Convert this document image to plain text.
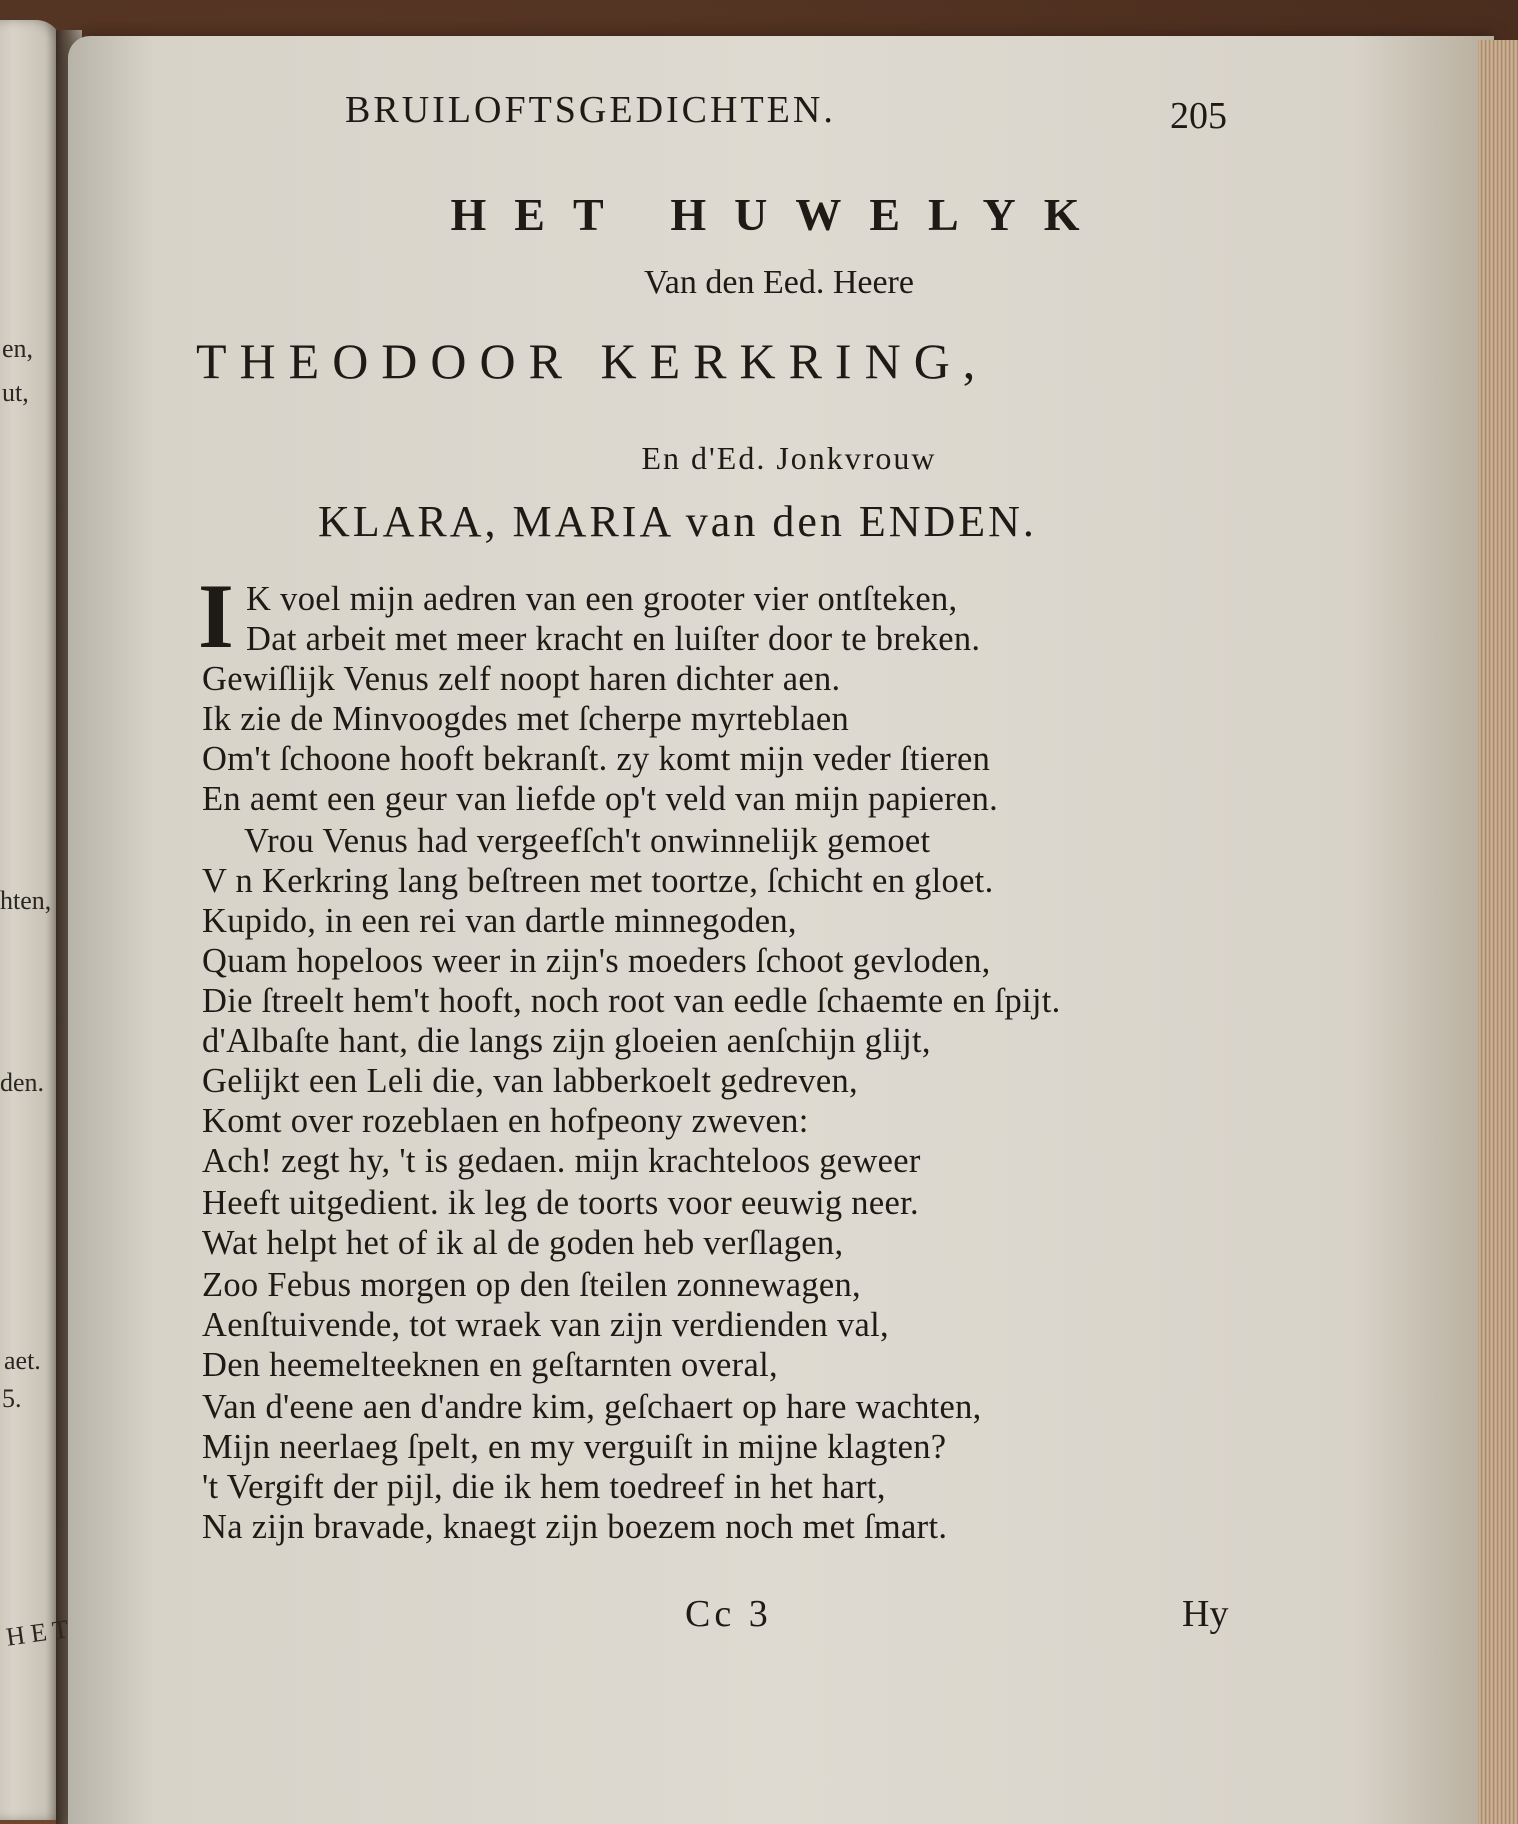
en,
ut,
hten,
den.
aet.
5.
HET
BRUILOFTSGEDICHTEN.	205
HET HUWELYK
Van den Eed. Heere
THEODOOR KERKRING,
En d'Ed. Jonkvrouw
KLARA, MARIA van den ENDEN.
I K voel mijn aedren van een grooter vier ontſteken,
Dat arbeit met meer kracht en luiſter door te breken.
Gewiſlijk Venus zelf noopt haren dichter aen.
Ik zie de Minvoogdes met ſcherpe myrteblaen
Om't ſchoone hooft bekranſt. zy komt mijn veder ſtieren
En aemt een geur van liefde op't veld van mijn papieren.
Vrou Venus had vergeefſch't onwinnelijk gemoet
V n Kerkring lang beſtreen met toortze, ſchicht en gloet.
Kupido, in een rei van dartle minnegoden,
Quam hopeloos weer in zijn's moeders ſchoot gevloden,
Die ſtreelt hem't hooft, noch root van eedle ſchaemte en ſpijt.
d'Albaſte hant, die langs zijn gloeien aenſchijn glijt,
Gelijkt een Leli die, van labberkoelt gedreven,
Komt over rozeblaen en hofpeony zweven:
Ach! zegt hy, 't is gedaen. mijn krachteloos geweer
Heeft uitgedient. ik leg de toorts voor eeuwig neer.
Wat helpt het of ik al de goden heb verſlagen,
Zoo Febus morgen op den ſteilen zonnewagen,
Aenſtuivende, tot wraek van zijn verdienden val,
Den heemelteeknen en geſtarnten overal,
Van d'eene aen d'andre kim, geſchaert op hare wachten,
Mijn neerlaeg ſpelt, en my verguiſt in mijne klagten?
't Vergift der pijl, die ik hem toedreef in het hart,
Na zijn bravade, knaegt zijn boezem noch met ſmart.
Cc 3	Hy
